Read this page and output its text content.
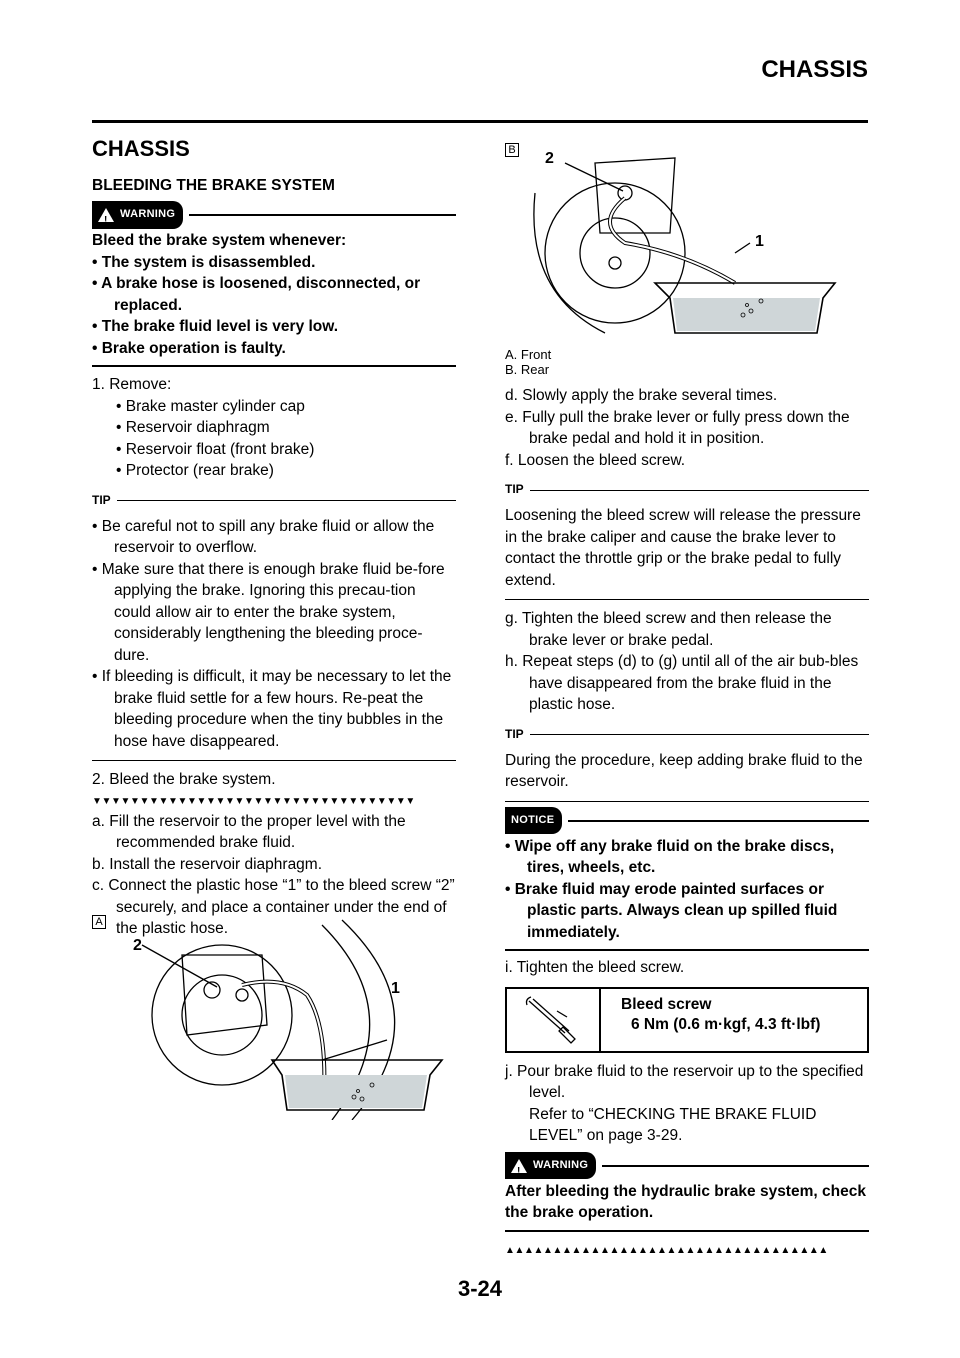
CHASSIS
CHASSIS
BLEEDING THE BRAKE SYSTEM
!
WARNING
Bleed the brake system whenever:
• The system is disassembled.
• A brake hose is loosened, disconnected, or replaced.
• The brake fluid level is very low.
• Brake operation is faulty.
1. Remove:
• Brake master cylinder cap
• Reservoir diaphragm
• Reservoir float (front brake)
• Protector (rear brake)
TIP
• Be careful not to spill any brake fluid or allow the reservoir to overflow.
• Make sure that there is enough brake fluid be-fore applying the brake. Ignoring this precau-tion could allow air to enter the brake system, considerably lengthening the bleeding proce-dure.
• If bleeding is difficult, it may be necessary to let the brake fluid settle for a few hours. Re-peat the bleeding procedure when the tiny bubbles in the hose have disappeared.
2. Bleed the brake system.
▼▼▼▼▼▼▼▼▼▼▼▼▼▼▼▼▼▼▼▼▼▼▼▼▼▼▼▼▼▼▼▼▼▼
a. Fill the reservoir to the proper level with the recommended brake fluid.
b. Install the reservoir diaphragm.
c. Connect the plastic hose “1” to the bleed screw “2” securely, and place a container under the end of the plastic hose.
A
2
1
B 2
1
A. Front
B. Rear
d. Slowly apply the brake several times.
e. Fully pull the brake lever or fully press down the brake pedal and hold it in position.
f. Loosen the bleed screw.
TIP
Loosening the bleed screw will release the pressure in the brake caliper and cause the brake lever to contact the throttle grip or the brake pedal to fully extend.
g. Tighten the bleed screw and then release the brake lever or brake pedal.
h. Repeat steps (d) to (g) until all of the air bub-bles have disappeared from the brake fluid in the plastic hose.
TIP
During the procedure, keep adding brake fluid to the reservoir.
NOTICE
• Wipe off any brake fluid on the brake discs, tires, wheels, etc.
• Brake fluid may erode painted surfaces or plastic parts. Always clean up spilled fluid immediately.
i. Tighten the bleed screw.
Bleed screw
6 Nm (0.6 m·kgf, 4.3 ft·lbf)
j. Pour brake fluid to the reservoir up to the specified level.
Refer to “CHECKING THE BRAKE FLUID LEVEL” on page 3-29.
!
WARNING
After bleeding the hydraulic brake system, check the brake operation.
▲▲▲▲▲▲▲▲▲▲▲▲▲▲▲▲▲▲▲▲▲▲▲▲▲▲▲▲▲▲▲▲▲▲
3-24
